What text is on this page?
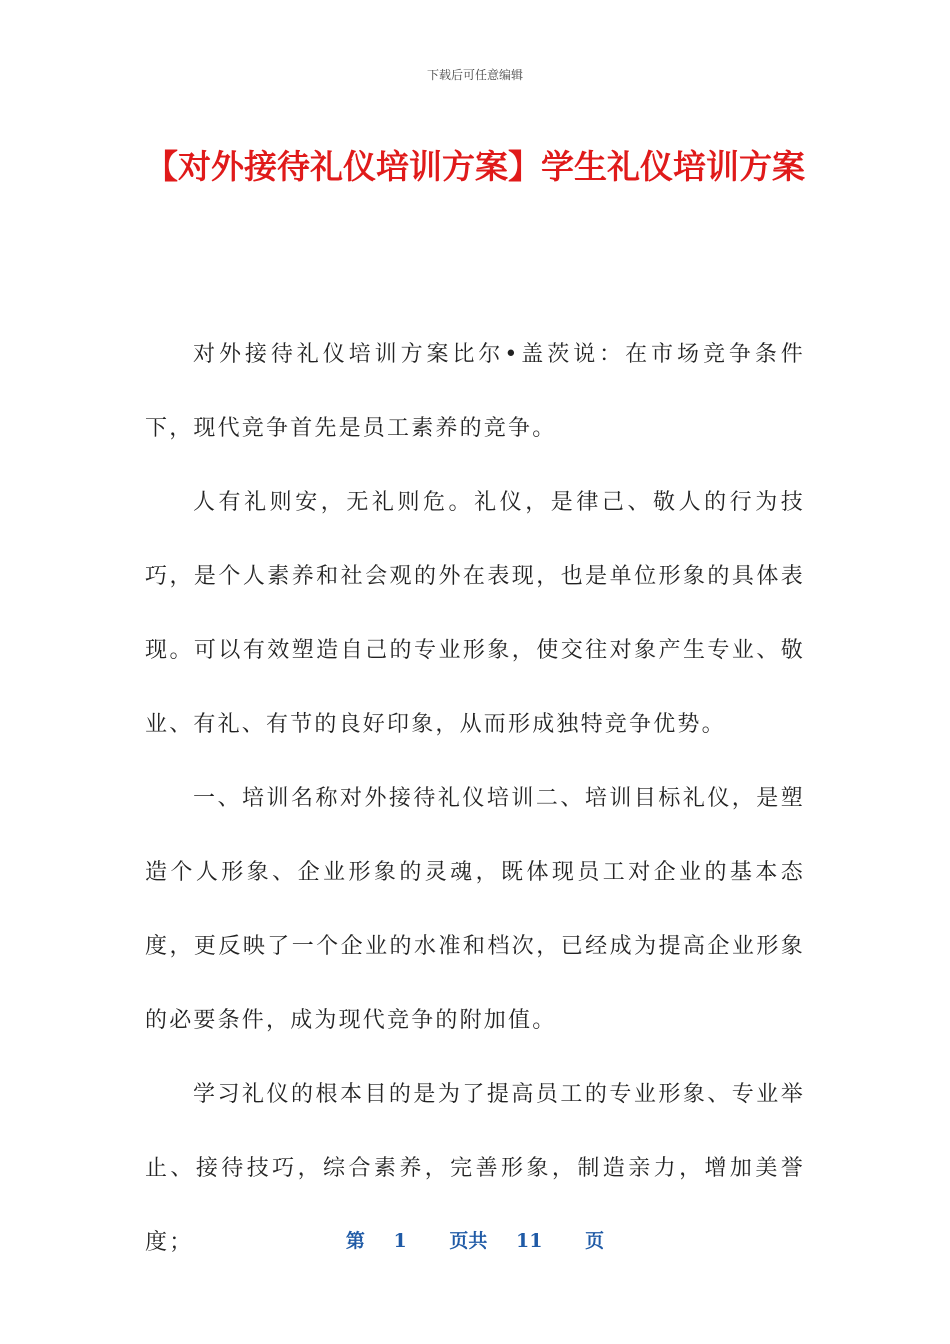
下载后可任意编辑
【对外接待礼仪培训方案】学生礼仪培训方案

对外接待礼仪培训方案比尔•盖茨说：在市场竞争条件下，现代竞争首先是员工素养的竞争。

人有礼则安，无礼则危。礼仪，是律己、敬人的行为技巧，是个人素养和社会观的外在表现，也是单位形象的具体表现。可以有效塑造自己的专业形象，使交往对象产生专业、敬业、有礼、有节的良好印象，从而形成独特竞争优势。

一、培训名称对外接待礼仪培训二、培训目标礼仪，是塑造个人形象、企业形象的灵魂，既体现员工对企业的基本态度，更反映了一个企业的水准和档次，已经成为提高企业形象的必要条件，成为现代竞争的附加值。

学习礼仪的根本目的是为了提高员工的专业形象、专业举止、接待技巧，综合素养，完善形象，制造亲力，增加美誉度；	第 1 页共 11 页
